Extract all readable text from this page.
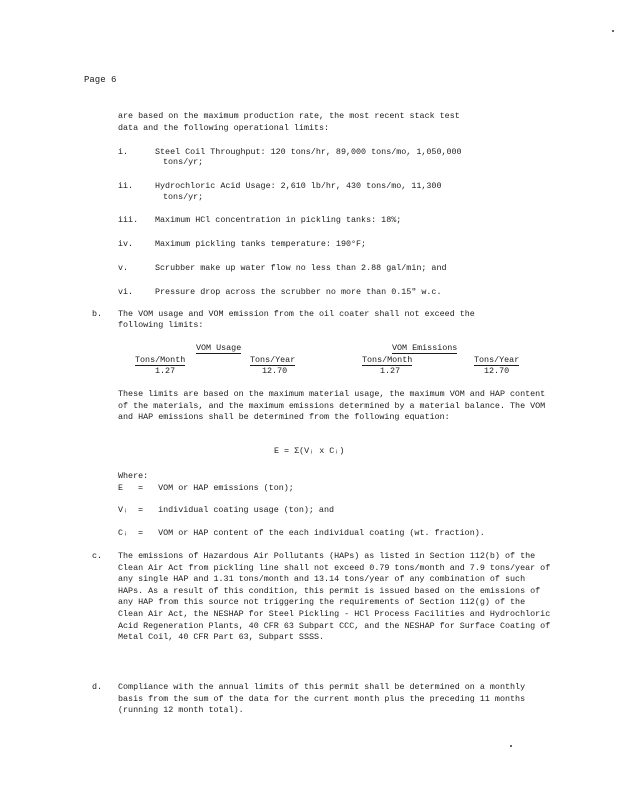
Page 6
are based on the maximum production rate, the most recent stack test
data and the following operational limits:
i.	Steel Coil Throughput: 120 tons/hr, 89,000 tons/mo, 1,050,000
tons/yr;
ii.	Hydrochloric Acid Usage: 2,610 lb/hr, 430 tons/mo, 11,300
tons/yr;
iii. Maximum HCl concentration in pickling tanks: 18%;
iv.	Maximum pickling tanks temperature: 190°F;
v.	Scrubber make up water flow no less than 2.88 gal/min; and
vi.	Pressure drop across the scrubber no more than 0.15" w.c.
b. The VOM usage and VOM emission from the oil coater shall not exceed the
following limits:
VOM Usage	VOM Emissions
Tons/Month	Tons/Year	Tons/Month	Tons/Year
1.27	12.70	1.27	12.70
These limits are based on the maximum material usage, the maximum VOM and HAP content of the materials, and the maximum emissions determined by a material balance. The VOM and HAP emissions shall be determined from the following equation:
E = Σ(Vᵢ x Cᵢ)
Where:
E =   VOM or HAP emissions (ton);
Vᵢ =   individual coating usage (ton); and
Cᵢ =   VOM or HAP content of the each individual coating (wt. fraction).
c. The emissions of Hazardous Air Pollutants (HAPs) as listed in Section 112(b) of the Clean Air Act from pickling line shall not exceed 0.79 tons/month and 7.9 tons/year of any single HAP and 1.31 tons/month and 13.14 tons/year of any combination of such HAPs. As a result of this condition, this permit is issued based on the emissions of any HAP from this source not triggering the requirements of Section 112(g) of the Clean Air Act, the NESHAP for Steel Pickling - HCl Process Facilities and Hydrochloric Acid Regeneration Plants, 40 CFR 63 Subpart CCC, and the NESHAP for Surface Coating of Metal Coil, 40 CFR Part 63, Subpart SSSS.
d. Compliance with the annual limits of this permit shall be determined on a monthly basis from the sum of the data for the current month plus the preceding 11 months (running 12 month total).
